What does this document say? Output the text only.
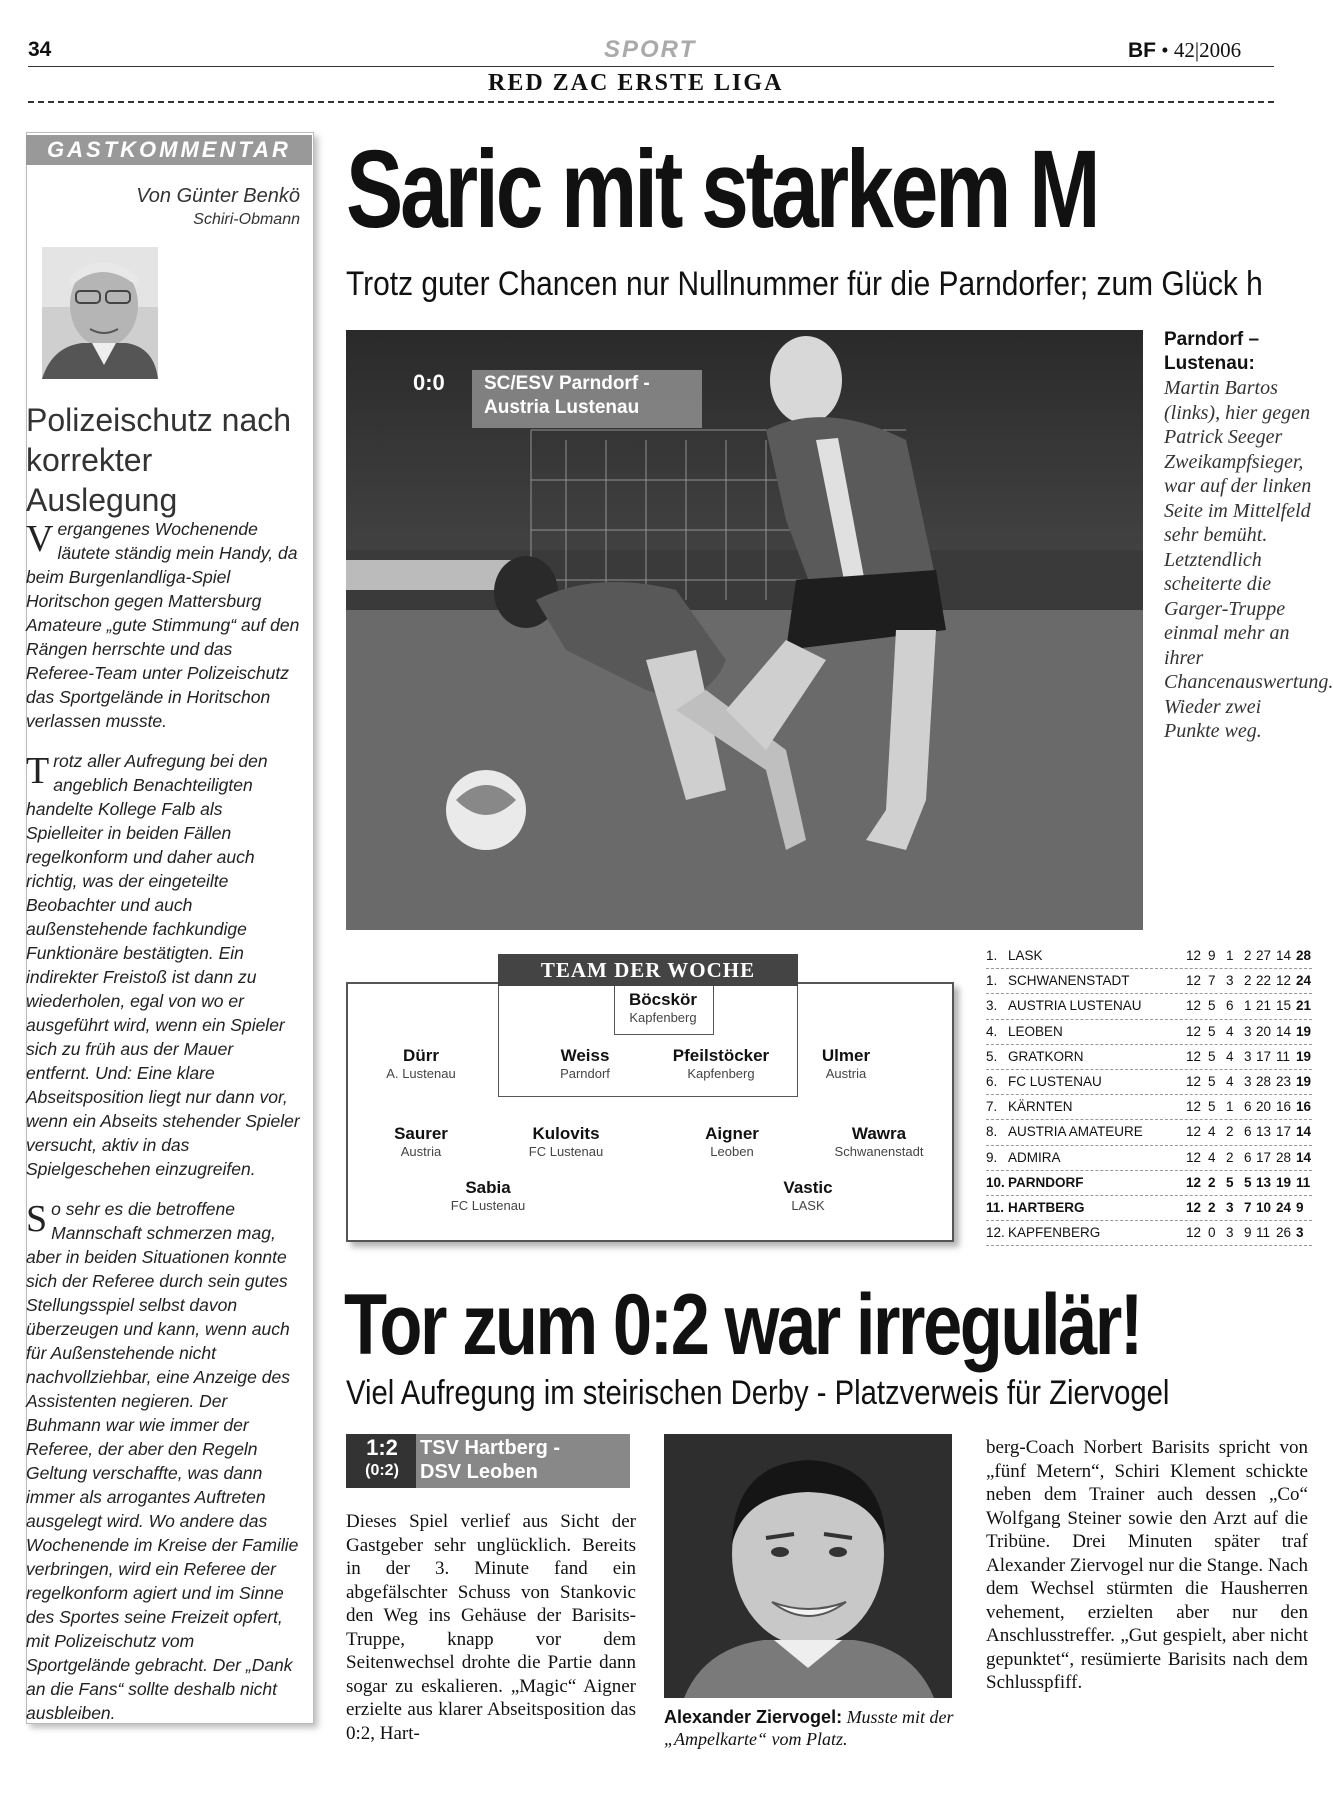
34	SPORT	BF • 42|2006
RED ZAC ERSTE LIGA
GASTKOMMENTAR
Von Günter Benkö
Schiri-Obmann
Polizeischutz nach korrekter Auslegung

Vergangenes Wochenende läutete ständig mein Handy, da beim Burgenlandliga-Spiel Horitschon gegen Mattersburg Amateure „gute Stimmung“ auf den Rängen herrschte und das Referee-Team unter Polizeischutz das Sportgelände in Horitschon verlassen musste.

Trotz aller Aufregung bei den angeblich Benachteiligten handelte Kollege Falb als Spielleiter in beiden Fällen regelkonform und daher auch richtig, was der eingeteilte Beobachter und auch außenstehende fachkundige Funktionäre bestätigten. Ein indirekter Freistoß ist dann zu wiederholen, egal von wo er ausgeführt wird, wenn ein Spieler sich zu früh aus der Mauer entfernt. Und: Eine klare Abseitsposition liegt nur dann vor, wenn ein Abseits stehender Spieler versucht, aktiv in das Spielgeschehen einzugreifen.

So sehr es die betroffene Mannschaft schmerzen mag, aber in beiden Situationen konnte sich der Referee durch sein gutes Stellungsspiel selbst davon überzeugen und kann, wenn auch für Außenstehende nicht nachvollziehbar, eine Anzeige des Assistenten negieren. Der Buhmann war wie immer der Referee, der aber den Regeln Geltung verschaffte, was dann immer als arrogantes Auftreten ausgelegt wird. Wo andere das Wochenende im Kreise der Familie verbringen, wird ein Referee der regelkonform agiert und im Sinne des Sportes seine Freizeit opfert, mit Polizeischutz vom Sportgelände gebracht. Der „Dank an die Fans“ sollte deshalb nicht ausbleiben.

Saric mit starkem M
Trotz guter Chancen nur Nullnummer für die Parndorfer; zum Glück h
0:0 SC/ESV Parndorf -
Austria Lustenau
Parndorf – Lustenau:
Martin Bartos (links), hier gegen Patrick Seeger Zweikampfsieger, war auf der linken Seite im Mittelfeld sehr bemüht. Letztendlich scheiterte die Garger-Truppe einmal mehr an ihrer Chancenauswertung. Wieder zwei Punkte weg.
TEAM DER WOCHE
Böcskör
Kapfenberg
Dürr
A. Lustenau
Weiss
Parndorf
Pfeilstöcker
Kapfenberg
Ulmer
Austria
Saurer
Austria
Kulovits
FC Lustenau
Aigner
Leoben
Wawra
Schwanenstadt
Sabia
FC Lustenau
Vastic
LASK
1. LASK	12 9 1 2 27 14 28
1. SCHWANENSTADT	12 7 3 2 22 12 24
3. AUSTRIA LUSTENAU	12 5 6 1 21 15 21
4. LEOBEN	12 5 4 3 20 14 19
5. GRATKORN	12 5 4 3 17 11 19
6. FC LUSTENAU	12 5 4 3 28 23 19
7. KÄRNTEN	12 5 1 6 20 16 16
8. AUSTRIA AMATEURE	12 4 2 6 13 17 14
9. ADMIRA	12 4 2 6 17 28 14
10. PARNDORF	12 2 5 5 13 19 11
11. HARTBERG	12 2 3 7 10 24 9
12. KAPFENBERG	12 0 3 9 11 26 3
Tor zum 0:2 war irregulär!
Viel Aufregung im steirischen Derby - Platzverweis für Ziervogel
1:2
(0:2)
TSV Hartberg -
DSV Leoben
Dieses Spiel verlief aus Sicht der Gastgeber sehr unglücklich. Bereits in der 3. Minute fand ein abgefälschter Schuss von Stankovic den Weg ins Gehäuse der Barisits-Truppe, knapp vor dem Seitenwechsel drohte die Partie dann sogar zu eskalieren. „Magic“ Aigner erzielte aus klarer Abseitsposition das 0:2, Hart-
Alexander Ziervogel: Musste mit der „Ampelkarte“ vom Platz.
berg-Coach Norbert Barisits spricht von „fünf Metern“, Schiri Klement schickte neben dem Trainer auch dessen „Co“ Wolfgang Steiner sowie den Arzt auf die Tribüne. Drei Minuten später traf Alexander Ziervogel nur die Stange. Nach dem Wechsel stürmten die Hausherren vehement, erzielten aber nur den Anschlusstreffer. „Gut gespielt, aber nicht gepunktet“, resümierte Barisits nach dem Schlusspfiff.
